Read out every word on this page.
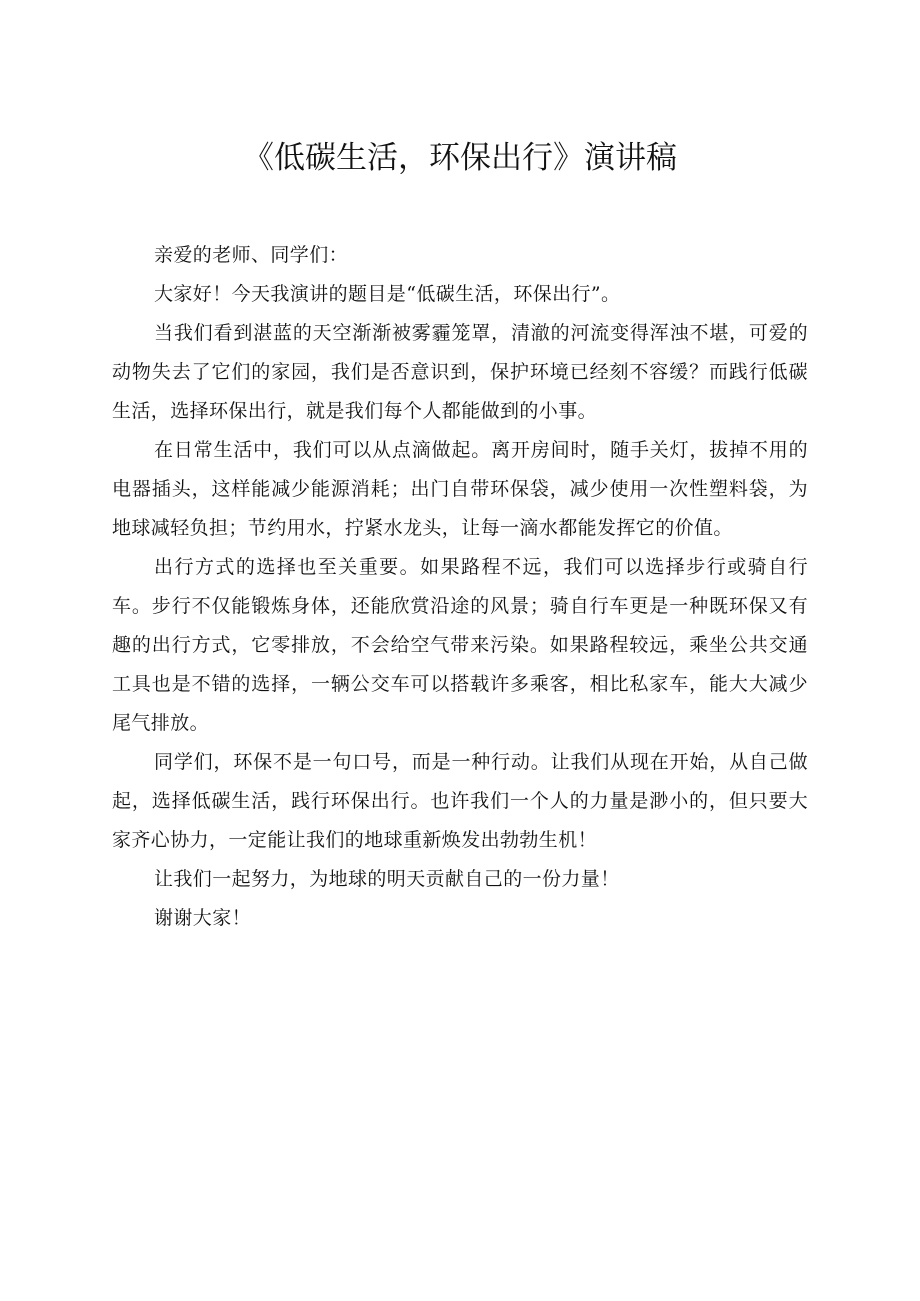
《低碳生活，环保出行》演讲稿

亲爱的老师、同学们：

大家好！今天我演讲的题目是“低碳生活，环保出行”。

当我们看到湛蓝的天空渐渐被雾霾笼罩，清澈的河流变得浑浊不堪，可爱的动物失去了它们的家园，我们是否意识到，保护环境已经刻不容缓？而践行低碳生活，选择环保出行，就是我们每个人都能做到的小事。

在日常生活中，我们可以从点滴做起。离开房间时，随手关灯，拔掉不用的电器插头，这样能减少能源消耗；出门自带环保袋，减少使用一次性塑料袋，为地球减轻负担；节约用水，拧紧水龙头，让每一滴水都能发挥它的价值。

出行方式的选择也至关重要。如果路程不远，我们可以选择步行或骑自行车。步行不仅能锻炼身体，还能欣赏沿途的风景；骑自行车更是一种既环保又有趣的出行方式，它零排放，不会给空气带来污染。如果路程较远，乘坐公共交通工具也是不错的选择，一辆公交车可以搭载许多乘客，相比私家车，能大大减少尾气排放。

同学们，环保不是一句口号，而是一种行动。让我们从现在开始，从自己做起，选择低碳生活，践行环保出行。也许我们一个人的力量是渺小的，但只要大家齐心协力，一定能让我们的地球重新焕发出勃勃生机！

让我们一起努力，为地球的明天贡献自己的一份力量！

谢谢大家！
